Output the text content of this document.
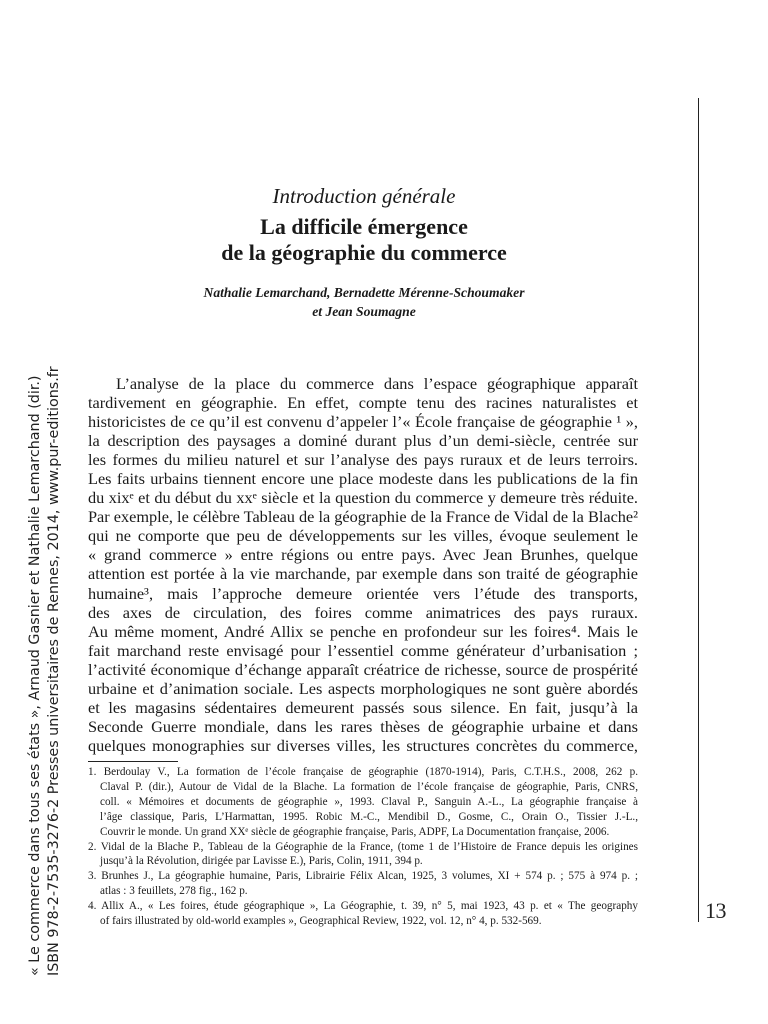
« Le commerce dans tous ses états », Arnaud Gasnier et Nathalie Lemarchand (dir.) ISBN 978-2-7535-3276-2 Presses universitaires de Rennes, 2014, www.pur-editions.fr	13
Introduction générale
La difficile émergence
de la géographie du commerce
Nathalie Lemarchand, Bernadette Mérenne-Schoumaker
et Jean Soumagne
L’analyse de la place du commerce dans l’espace géographique apparaît
tardivement en géographie. En effet, compte tenu des racines naturalistes et
historicistes de ce qu’il est convenu d’appeler l’« École française de géographie ¹ »,
la description des paysages a dominé durant plus d’un demi-siècle, centrée sur
les formes du milieu naturel et sur l’analyse des pays ruraux et de leurs terroirs.
Les faits urbains tiennent encore une place modeste dans les publications de la fin
du xixᵉ et du début du xxᵉ siècle et la question du commerce y demeure très réduite.
Par exemple, le célèbre Tableau de la géographie de la France de Vidal de la Blache²
qui ne comporte que peu de développements sur les villes, évoque seulement le
« grand commerce » entre régions ou entre pays. Avec Jean Brunhes, quelque
attention est portée à la vie marchande, par exemple dans son traité de géographie
humaine³, mais l’approche demeure orientée vers l’étude des transports,
des axes de circulation, des foires comme animatrices des pays ruraux.
Au même moment, André Allix se penche en profondeur sur les foires⁴. Mais le
fait marchand reste envisagé pour l’essentiel comme générateur d’urbanisation ;
l’activité économique d’échange apparaît créatrice de richesse, source de prospérité
urbaine et d’animation sociale. Les aspects morphologiques ne sont guère abordés
et les magasins sédentaires demeurent passés sous silence. En fait, jusqu’à la
Seconde Guerre mondiale, dans les rares thèses de géographie urbaine et dans
quelques monographies sur diverses villes, les structures concrètes du commerce,
1. Berdoulay V., La formation de l’école française de géographie (1870-1914), Paris, C.T.H.S., 2008, 262 p.
Claval P. (dir.), Autour de Vidal de la Blache. La formation de l’école française de géographie, Paris, CNRS,
coll. « Mémoires et documents de géographie », 1993. Claval P., Sanguin A.-L., La géographie française à
l’âge classique, Paris, L’Harmattan, 1995. Robic M.-C., Mendibil D., Gosme, C., Orain O., Tissier J.-L.,
Couvrir le monde. Un grand XXᵉ siècle de géographie française, Paris, ADPF, La Documentation française, 2006.
2. Vidal de la Blache P., Tableau de la Géographie de la France, (tome 1 de l’Histoire de France depuis les origines
jusqu’à la Révolution, dirigée par Lavisse E.), Paris, Colin, 1911, 394 p.
3. Brunhes J., La géographie humaine, Paris, Librairie Félix Alcan, 1925, 3 volumes, XI + 574 p. ; 575 à 974 p. ;
atlas : 3 feuillets, 278 fig., 162 p.
4. Allix A., « Les foires, étude géographique », La Géographie, t. 39, n° 5, mai 1923, 43 p. et « The geography
of fairs illustrated by old-world examples », Geographical Review, 1922, vol. 12, n° 4, p. 532-569.
